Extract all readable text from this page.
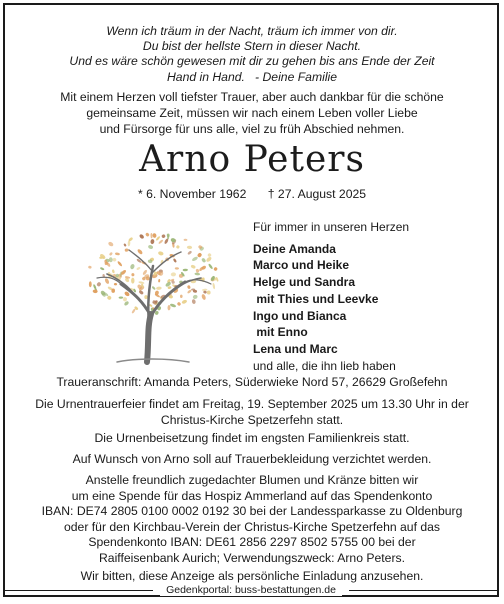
Wenn ich träum in der Nacht, träum ich immer von dir.
Du bist der hellste Stern in dieser Nacht.
Und es wäre schön gewesen mit dir zu gehen bis ans Ende der Zeit
Hand in Hand.   - Deine Familie
Mit einem Herzen voll tiefster Trauer, aber auch dankbar für die schöne
gemeinsame Zeit, müssen wir nach einem Leben voller Liebe
und Fürsorge für uns alle, viel zu früh Abschied nehmen.
Arno Peters
* 6. November 1962 † 27. August 2025
Für immer in unseren Herzen
Deine Amanda
Marco und Heike
Helge und Sandra
mit Thies und Leevke
Ingo und Bianca
mit Enno
Lena und Marc
und alle, die ihn lieb haben
Traueranschrift: Amanda Peters, Süderwieke Nord 57, 26629 Großefehn
Die Urnentrauerfeier findet am Freitag, 19. September 2025 um 13.30 Uhr in der
Christus-Kirche Spetzerfehn statt.
Die Urnenbeisetzung findet im engsten Familienkreis statt.
Auf Wunsch von Arno soll auf Trauerbekleidung verzichtet werden.
Anstelle freundlich zugedachter Blumen und Kränze bitten wir
um eine Spende für das Hospiz Ammerland auf das Spendenkonto
IBAN: DE74 2805 0100 0002 0192 30 bei der Landessparkasse zu Oldenburg
oder für den Kirchbau-Verein der Christus-Kirche Spetzerfehn auf das
Spendenkonto IBAN: DE61 2856 2297 8502 5755 00 bei der
Raiffeisenbank Aurich; Verwendungszweck: Arno Peters.
Wir bitten, diese Anzeige als persönliche Einladung anzusehen.
Gedenkportal: buss-bestattungen.de
